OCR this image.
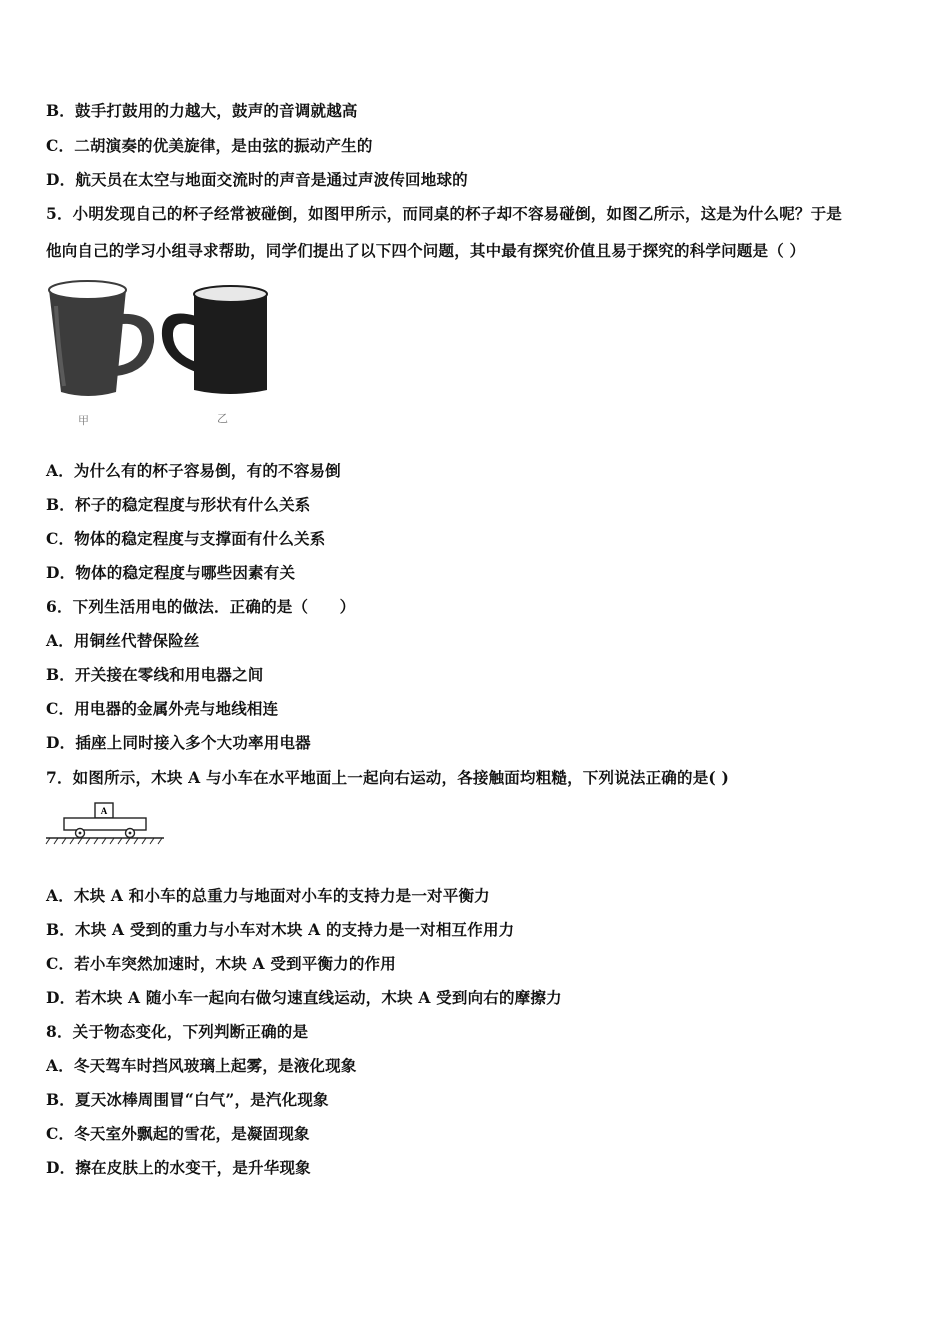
B．鼓手打鼓用的力越大，鼓声的音调就越高
C．二胡演奏的优美旋律，是由弦的振动产生的
D．航天员在太空与地面交流时的声音是通过声波传回地球的
5．小明发现自己的杯子经常被碰倒，如图甲所示，而同桌的杯子却不容易碰倒，如图乙所示，这是为什么呢？于是
他向自己的学习小组寻求帮助，同学们提出了以下四个问题，其中最有探究价值且易于探究的科学问题是（ ）
甲	乙
A．为什么有的杯子容易倒，有的不容易倒
B．杯子的稳定程度与形状有什么关系
C．物体的稳定程度与支撑面有什么关系
D．物体的稳定程度与哪些因素有关
6．下列生活用电的做法．正确的是（　　）
A．用铜丝代替保险丝
B．开关接在零线和用电器之间
C．用电器的金属外壳与地线相连
D．插座上同时接入多个大功率用电器
7．如图所示，木块 A 与小车在水平地面上一起向右运动，各接触面均粗糙，下列说法正确的是( )
A
A．木块 A 和小车的总重力与地面对小车的支持力是一对平衡力
B．木块 A 受到的重力与小车对木块 A 的支持力是一对相互作用力
C．若小车突然加速时，木块 A 受到平衡力的作用
D．若木块 A 随小车一起向右做匀速直线运动，木块 A 受到向右的摩擦力
8．关于物态变化，下列判断正确的是
A．冬天驾车时挡风玻璃上起雾，是液化现象
B．夏天冰棒周围冒“白气”，是汽化现象
C．冬天室外飘起的雪花，是凝固现象
D．擦在皮肤上的水变干，是升华现象
